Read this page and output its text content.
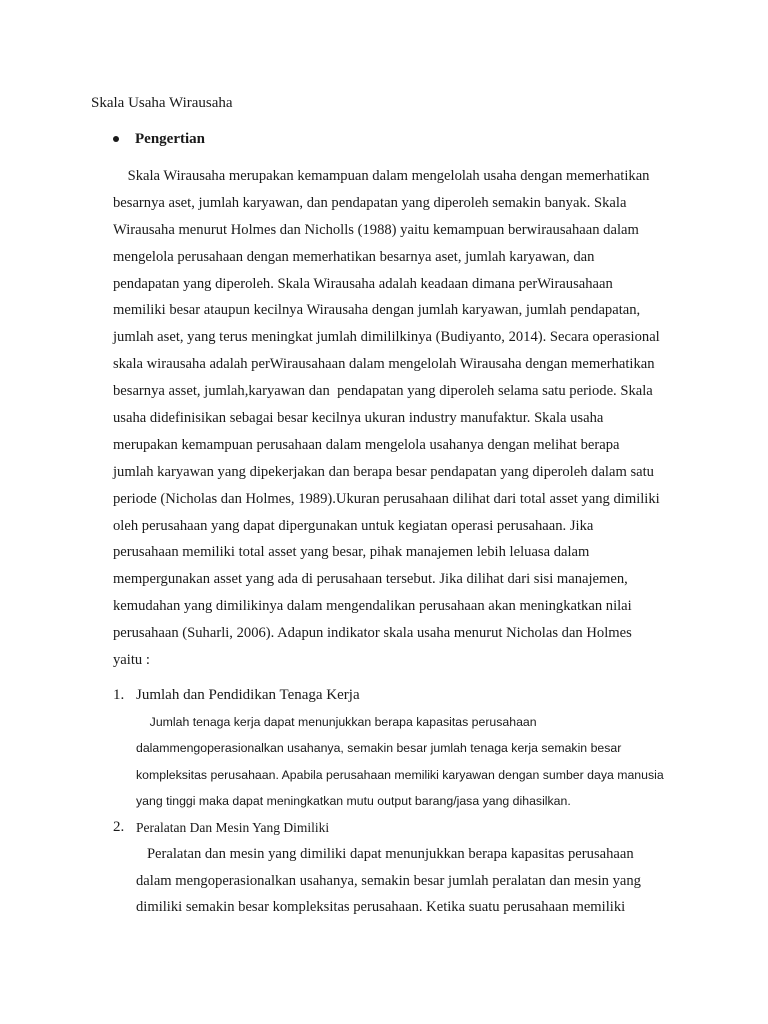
Skala Usaha Wirausaha
Pengertian
Skala Wirausaha merupakan kemampuan dalam mengelolah usaha dengan memerhatikan
besarnya aset, jumlah karyawan, dan pendapatan yang diperoleh semakin banyak. Skala
Wirausaha menurut Holmes dan Nicholls (1988) yaitu kemampuan berwirausahaan dalam
mengelola perusahaan dengan memerhatikan besarnya aset, jumlah karyawan, dan
pendapatan yang diperoleh. Skala Wirausaha adalah keadaan dimana perWirausahaan
memiliki besar ataupun kecilnya Wirausaha dengan jumlah karyawan, jumlah pendapatan,
jumlah aset, yang terus meningkat jumlah dimililkinya (Budiyanto, 2014). Secara operasional
skala wirausaha adalah perWirausahaan dalam mengelolah Wirausaha dengan memerhatikan
besarnya asset, jumlah,karyawan dan  pendapatan yang diperoleh selama satu periode. Skala
usaha didefinisikan sebagai besar kecilnya ukuran industry manufaktur. Skala usaha
merupakan kemampuan perusahaan dalam mengelola usahanya dengan melihat berapa
jumlah karyawan yang dipekerjakan dan berapa besar pendapatan yang diperoleh dalam satu
periode (Nicholas dan Holmes, 1989).Ukuran perusahaan dilihat dari total asset yang dimiliki
oleh perusahaan yang dapat dipergunakan untuk kegiatan operasi perusahaan. Jika
perusahaan memiliki total asset yang besar, pihak manajemen lebih leluasa dalam
mempergunakan asset yang ada di perusahaan tersebut. Jika dilihat dari sisi manajemen,
kemudahan yang dimilikinya dalam mengendalikan perusahaan akan meningkatkan nilai
perusahaan (Suharli, 2006). Adapun indikator skala usaha menurut Nicholas dan Holmes
yaitu :
1. Jumlah dan Pendidikan Tenaga Kerja
Jumlah tenaga kerja dapat menunjukkan berapa kapasitas perusahaan
dalammengoperasionalkan usahanya, semakin besar jumlah tenaga kerja semakin besar
kompleksitas perusahaan. Apabila perusahaan memiliki karyawan dengan sumber daya manusia
yang tinggi maka dapat meningkatkan mutu output barang/jasa yang dihasilkan.
2. Peralatan Dan Mesin Yang Dimiliki
Peralatan dan mesin yang dimiliki dapat menunjukkan berapa kapasitas perusahaan
dalam mengoperasionalkan usahanya, semakin besar jumlah peralatan dan mesin yang
dimiliki semakin besar kompleksitas perusahaan. Ketika suatu perusahaan memiliki
